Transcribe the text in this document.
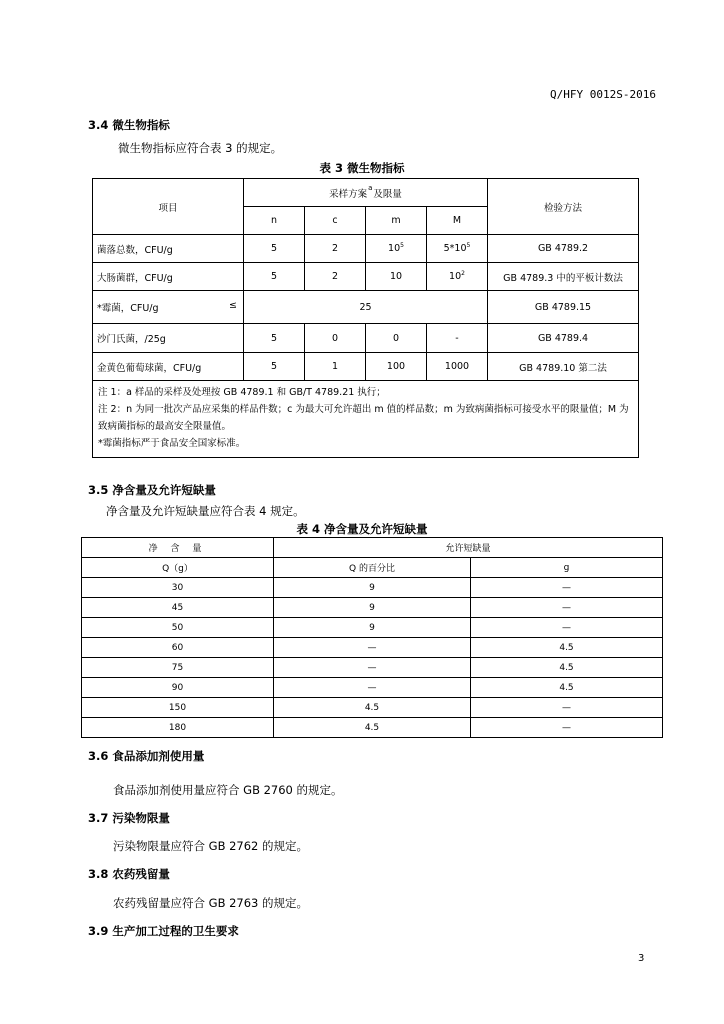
Q/HFY 0012S-2016
3.4 微生物指标
微生物指标应符合表 3 的规定。
表 3 微生物指标
项目	采样方案$^a$及限量				检验方法
	n	c	m	M	
菌落总数，CFU/g	5	2	$10^5$	$5*10^5$	GB 4789.2
大肠菌群，CFU/g	5	2	10	$10^2$	GB 4789.3 中的平板计数法
*霉菌，CFU/g ≤	25				GB 4789.15
沙门氏菌，/25g	5	0	0	-	GB 4789.4
金黄色葡萄球菌，CFU/g	5	1	100	1000	GB 4789.10 第二法

注 1：a 样品的采样及处理按 GB 4789.1 和 GB/T 4789.21 执行；
注 2：n 为同一批次产品应采集的样品件数；c 为最大可允许超出 m 值的样品数；m 为致病菌指标可接受水平的限量值；M 为致病菌指标的最高安全限量值。
*霉菌指标严于食品安全国家标准。					
3.5 净含量及允许短缺量
净含量及允许短缺量应符合表 4 规定。
表 4 净含量及允许短缺量
净 含 量	允许短缺量	
Q（g）	Q 的百分比	g
30	9	—
45	9	—
50	9	—
60	—	4.5
75	—	4.5
90	—	4.5
150	4.5	—
180	4.5	—
3.6 食品添加剂使用量
食品添加剂使用量应符合 GB 2760 的规定。
3.7 污染物限量
污染物限量应符合 GB 2762 的规定。
3.8 农药残留量
农药残留量应符合 GB 2763 的规定。
3.9 生产加工过程的卫生要求
3
